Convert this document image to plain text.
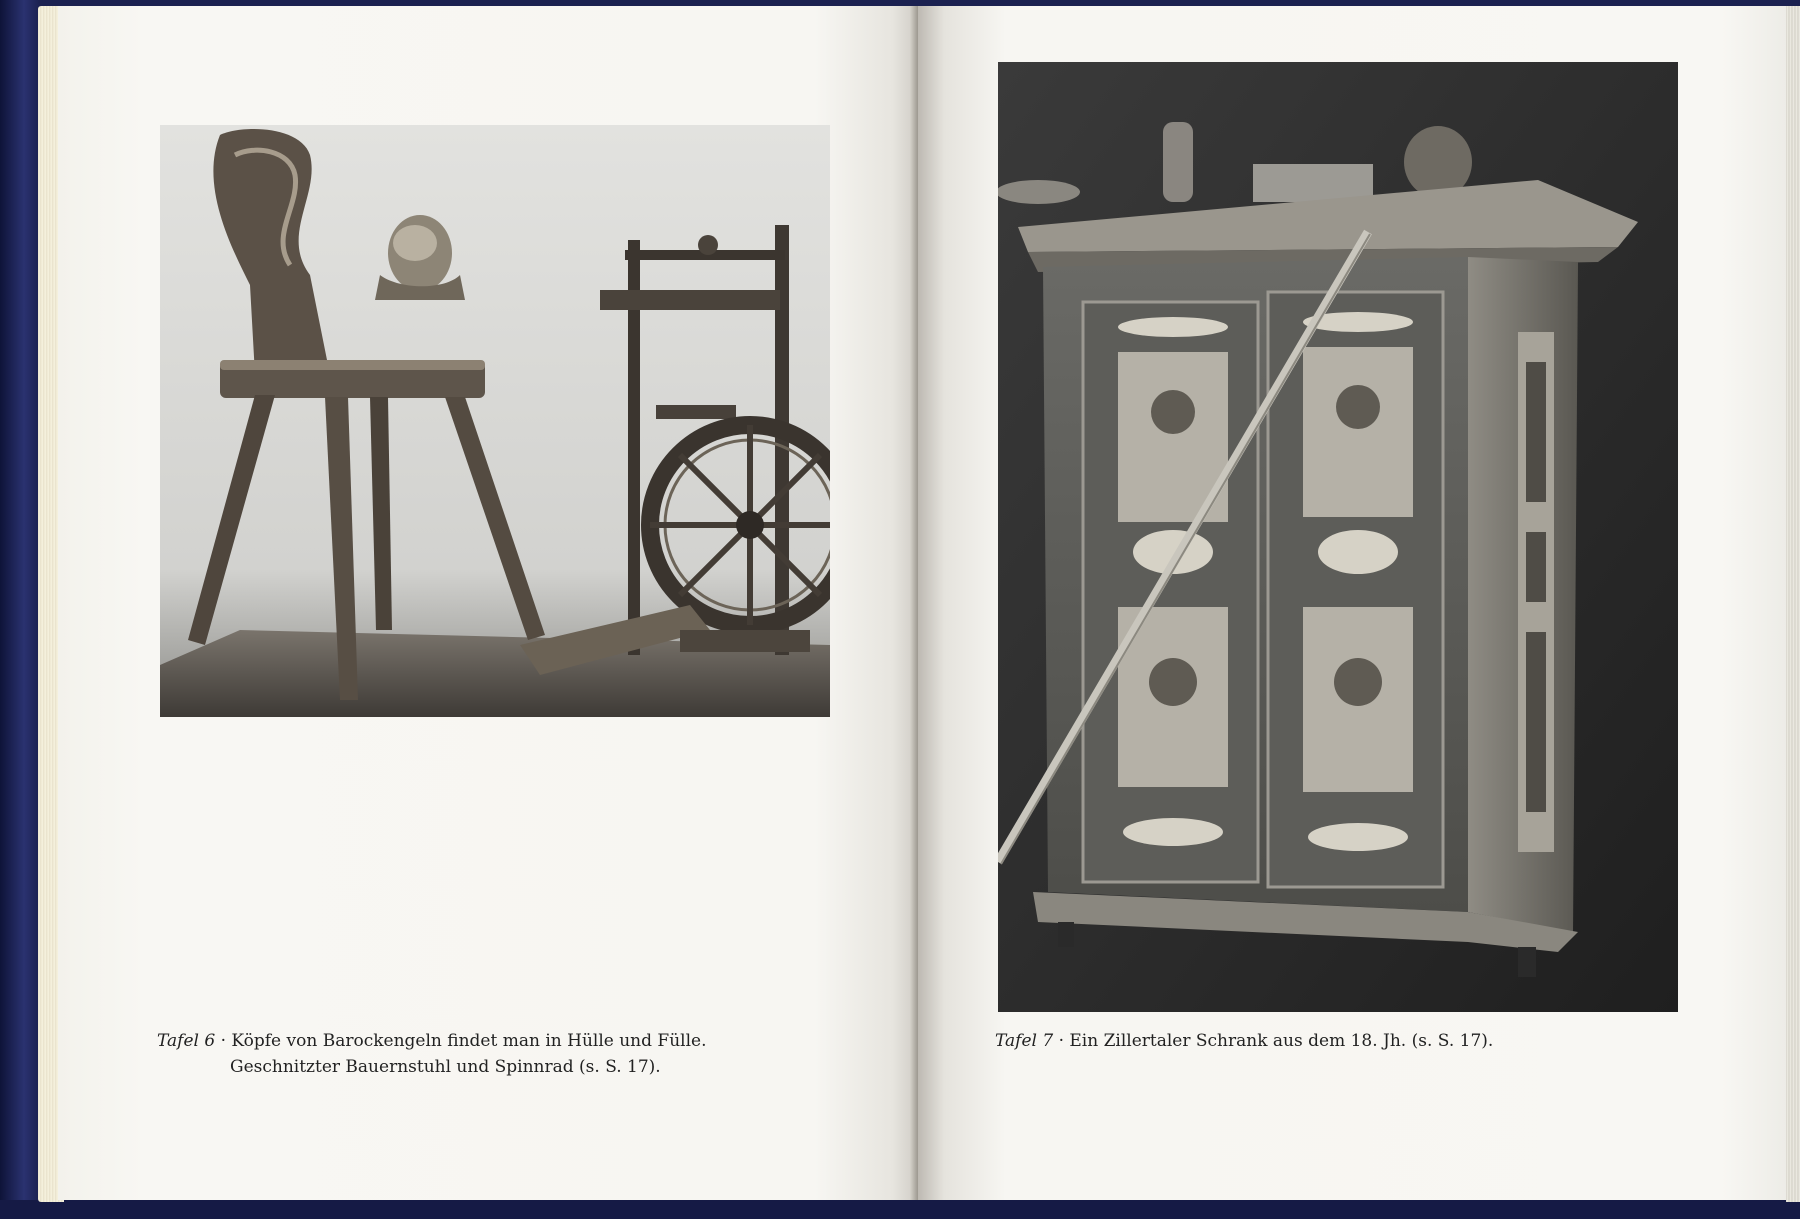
Tafel 6 · Köpfe von Barockengeln findet man in Hülle und Fülle.
Geschnitzter Bauernstuhl und Spinnrad (s. S. 17).
Tafel 7 · Ein Zillertaler Schrank aus dem 18. Jh. (s. S. 17).
